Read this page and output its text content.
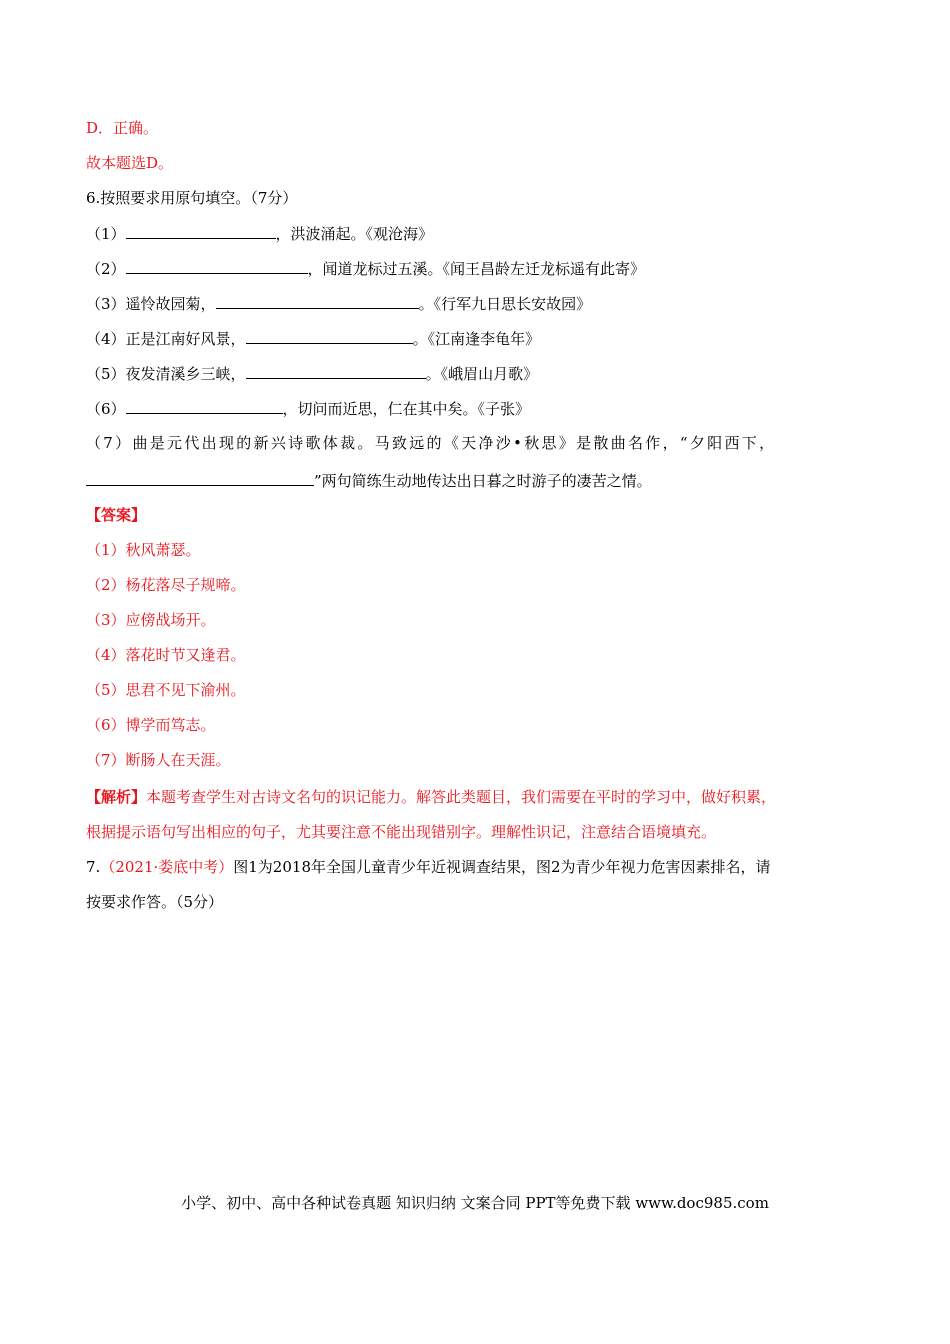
D．正确。
故本题选D。
6.按照要求用原句填空。（7分）
（1）	，洪波涌起。《观沧海》
（2）	，闻道龙标过五溪。《闻王昌龄左迁龙标遥有此寄》
（3）遥怜故园菊，	。《行军九日思长安故园》
（4）正是江南好风景，	。《江南逢李龟年》
（5）夜发清溪乡三峡，	。《峨眉山月歌》
（6）	，切问而近思，仁在其中矣。《子张》
（7）曲是元代出现的新兴诗歌体裁。马致远的《天净沙•秋思》是散曲名作，“夕阳西下，
”两句简练生动地传达出日暮之时游子的凄苦之情。
【答案】
（1）秋风萧瑟。
（2）杨花落尽子规啼。
（3）应傍战场开。
（4）落花时节又逢君。
（5）思君不见下渝州。
（6）博学而笃志。
（7）断肠人在天涯。
【解析】本题考查学生对古诗文名句的识记能力。解答此类题目，我们需要在平时的学习中，做好积累，
根据提示语句写出相应的句子，尤其要注意不能出现错别字。理解性识记，注意结合语境填充。
7.（2021·娄底中考）图1为2018年全国儿童青少年近视调查结果，图2为青少年视力危害因素排名，请
按要求作答。（5分）
小学、初中、高中各种试卷真题 知识归纳 文案合同 PPT等免费下载 www.doc985.com
